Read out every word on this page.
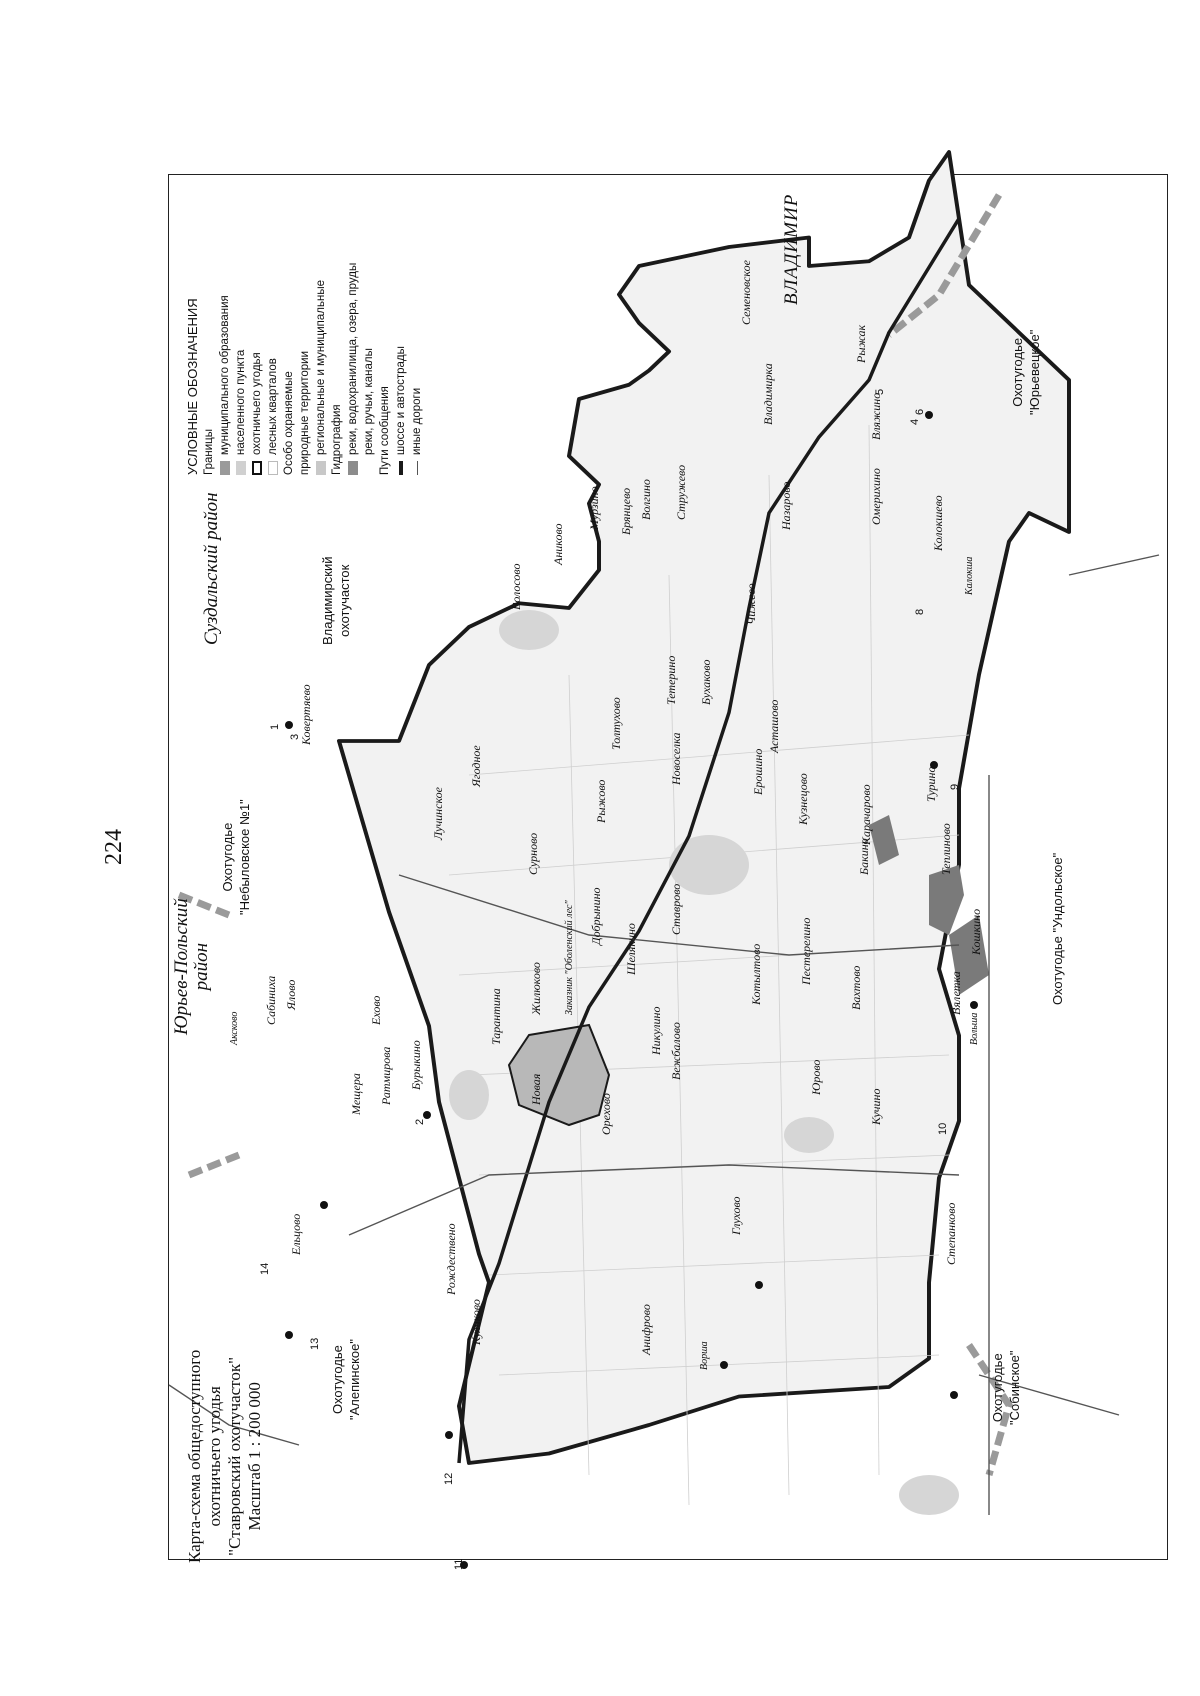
224
Карта-схема общедоступного охотничьего угодья "Ставровский охотучасток" Масштаб 1 : 200 000
УСЛОВНЫЕ ОБОЗНАЧЕНИЯ Границы муниципального образования населенного пункта охотничьего угодья лесных кварталов Особо охраняемые природные территории региональные и муниципальные Гидрография реки, водохранилища, озера, пруды реки, ручьи, каналы Пути сообщения шоссе и автострады иные дороги
Охотугодье "Небыловское №1"
Владимирский охотучасток
Охотугодье "Юрьевецкое"
Охотугодье "Ундольское"
Охотугодье "Собинское"
Охотугодье "Алепинское"
Суздальский район
Юрьев-Польский район
ВЛАДИМИР
Ковертяево
Лучинское
Ягодное
Сурново
Рыжово
Толтухово
Новоселка
Тетерино Бухаково
Ерошино
Асташово
Кузнецово	Карачарово
Турино
Теплиново
Бакино
Волосово
Аниково
Мурзино Брянцево Волгино Стружево
Чижево
Назарово	Омерихино
Вляжино
Колокшево
Семеновское
Владимирка
Рыжак
Добрынино	Ставрово
Шелякино
Жилюково Заказник "Оболенский лес"
Тарантина	Никулино Вежбалово
Котылтово	Пестерелино
Вахтово	Вялетка
Кошкино
Юрово
Кучино
Орехово
Глухово	Степанково
Анифрово
Рождествено
Ельцово
Куликово
Мещера Ратмирова Бурыкино	Новая
Сабиниха Ялово
Ехово
Калокша
Ворша
Вольша
Аксково
1
2
3
4
5
6
8
9
10
11
12
13
14
